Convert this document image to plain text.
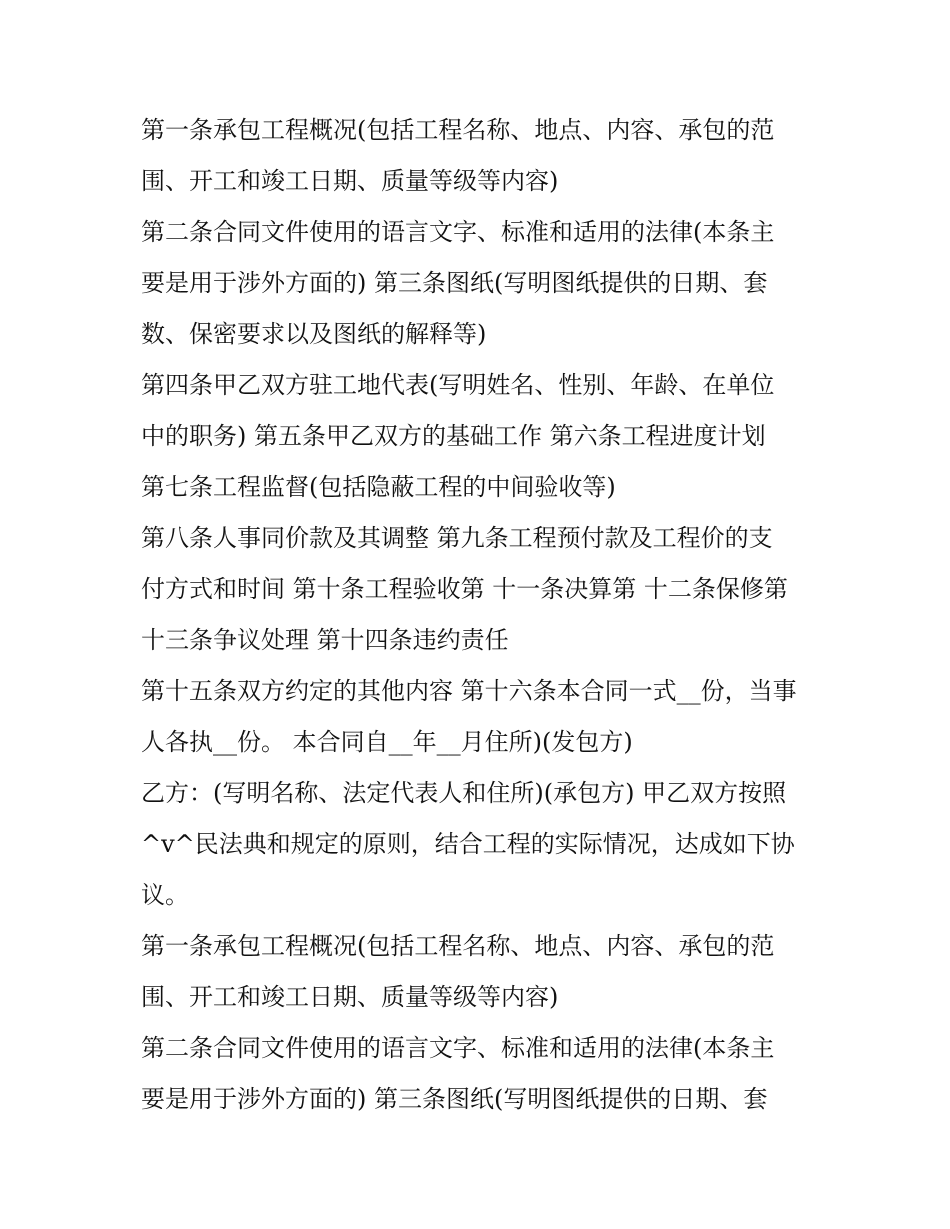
第一条承包工程概况(包括工程名称、地点、内容、承包的范
围、开工和竣工日期、质量等级等内容)
第二条合同文件使用的语言文字、标准和适用的法律(本条主
要是用于涉外方面的) 第三条图纸(写明图纸提供的日期、套
数、保密要求以及图纸的解释等)
第四条甲乙双方驻工地代表(写明姓名、性别、年龄、在单位
中的职务) 第五条甲乙双方的基础工作 第六条工程进度计划
第七条工程监督(包括隐蔽工程的中间验收等)
第八条人事同价款及其调整 第九条工程预付款及工程价的支
付方式和时间 第十条工程验收第 十一条决算第 十二条保修第
十三条争议处理 第十四条违约责任
第十五条双方约定的其他内容 第十六条本合同一式__份，当事
人各执__份。 本合同自__年__月住所)(发包方)
乙方：(写明名称、法定代表人和住所)(承包方) 甲乙双方按照
^v^民法典和规定的原则，结合工程的实际情况，达成如下协
议。
第一条承包工程概况(包括工程名称、地点、内容、承包的范
围、开工和竣工日期、质量等级等内容)
第二条合同文件使用的语言文字、标准和适用的法律(本条主
要是用于涉外方面的) 第三条图纸(写明图纸提供的日期、套
